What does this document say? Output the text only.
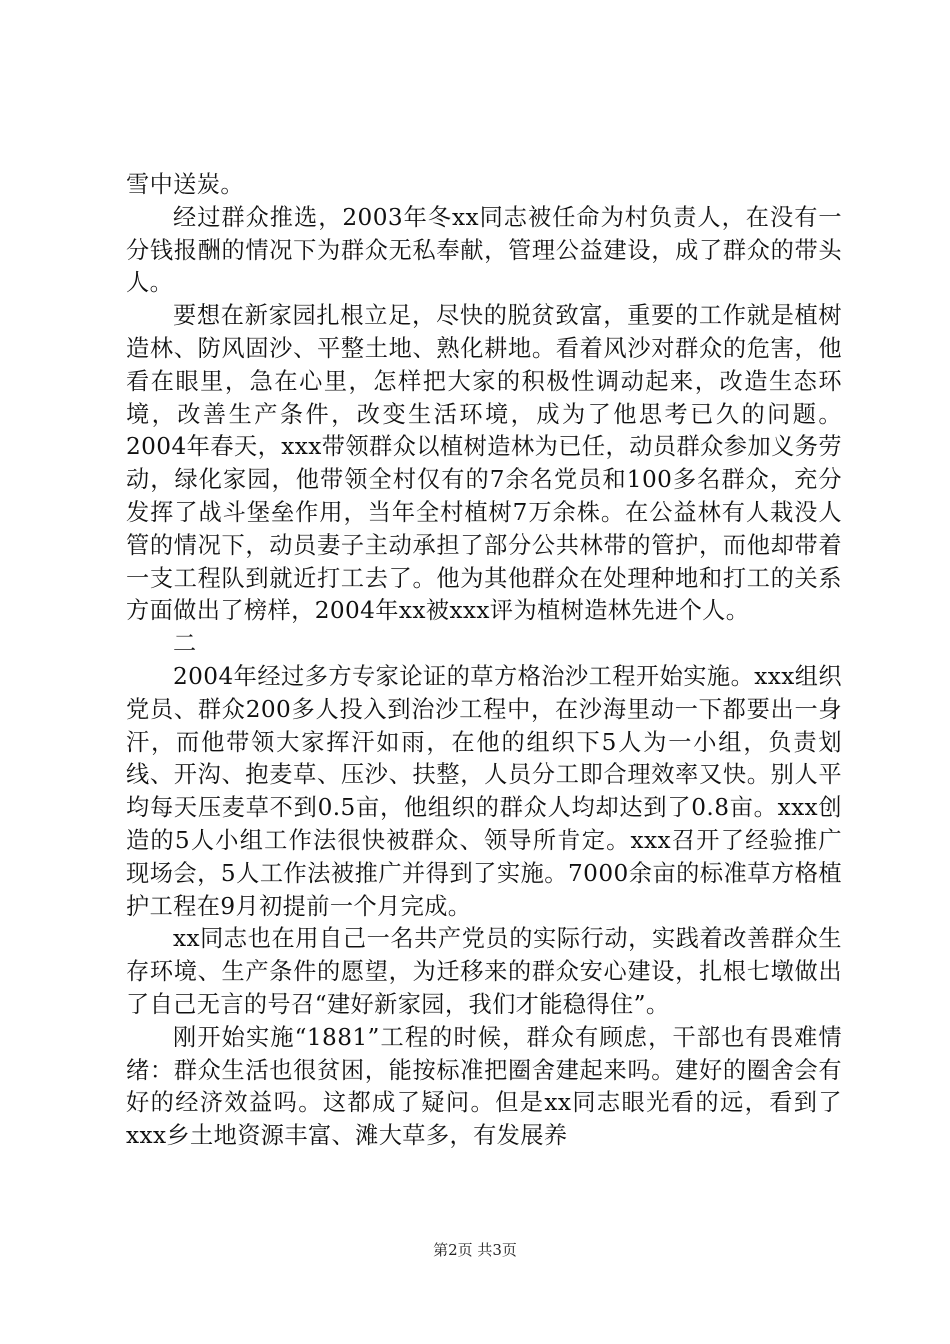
雪中送炭。

经过群众推选，2003年冬xx同志被任命为村负责人，在没有一分钱报酬的情况下为群众无私奉献，管理公益建设，成了群众的带头人。

要想在新家园扎根立足，尽快的脱贫致富，重要的工作就是植树造林、防风固沙、平整土地、熟化耕地。看着风沙对群众的危害，他看在眼里，急在心里，怎样把大家的积极性调动起来，改造生态环境，改善生产条件，改变生活环境，成为了他思考已久的问题。2004年春天，xxx带领群众以植树造林为已任，动员群众参加义务劳动，绿化家园，他带领全村仅有的7余名党员和100多名群众，充分发挥了战斗堡垒作用，当年全村植树7万余株。在公益林有人栽没人管的情况下，动员妻子主动承担了部分公共林带的管护，而他却带着一支工程队到就近打工去了。他为其他群众在处理种地和打工的关系方面做出了榜样，2004年xx被xxx评为植树造林先进个人。

二

2004年经过多方专家论证的草方格治沙工程开始实施。xxx组织党员、群众200多人投入到治沙工程中，在沙海里动一下都要出一身汗，而他带领大家挥汗如雨，在他的组织下5人为一小组，负责划线、开沟、抱麦草、压沙、扶整，人员分工即合理效率又快。别人平均每天压麦草不到0.5亩，他组织的群众人均却达到了0.8亩。xxx创造的5人小组工作法很快被群众、领导所肯定。xxx召开了经验推广现场会，5人工作法被推广并得到了实施。7000余亩的标准草方格植护工程在9月初提前一个月完成。

xx同志也在用自己一名共产党员的实际行动，实践着改善群众生存环境、生产条件的愿望，为迁移来的群众安心建设，扎根七墩做出了自己无言的号召“建好新家园，我们才能稳得住”。

刚开始实施“1881”工程的时候，群众有顾虑，干部也有畏难情绪：群众生活也很贫困，能按标准把圈舍建起来吗。建好的圈舍会有好的经济效益吗。这都成了疑问。但是xx同志眼光看的远，看到了xxx乡土地资源丰富、滩大草多，有发展养

第2页 共3页
